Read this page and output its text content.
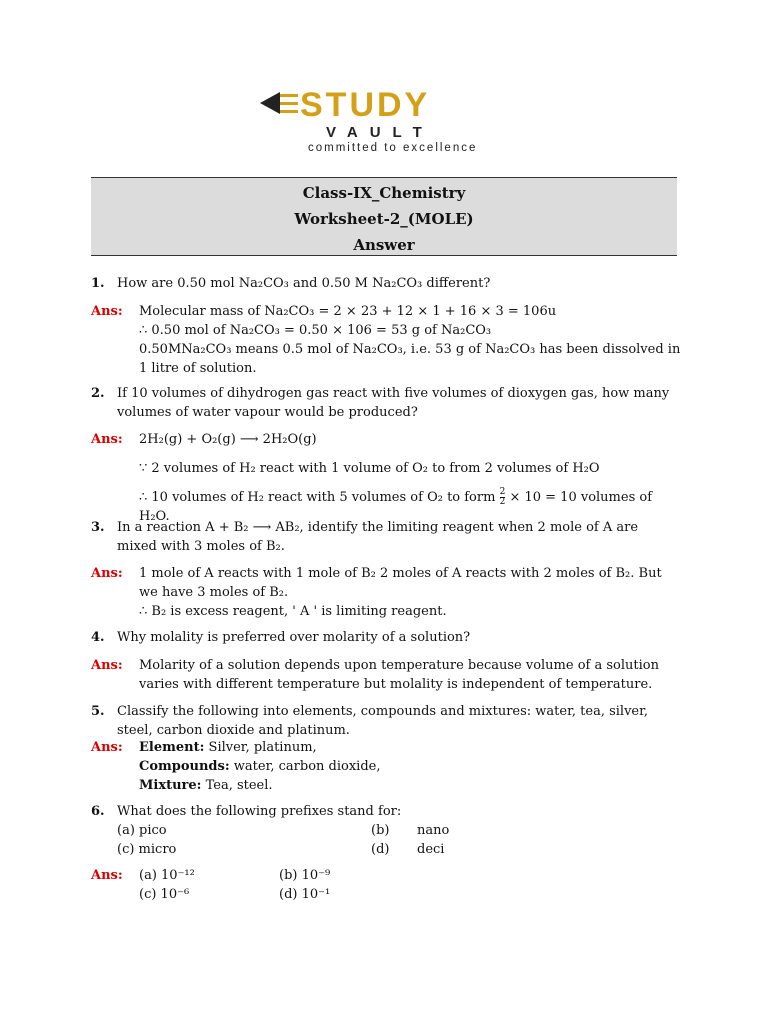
STUDY
VAULT
committed to excellence
Class-IX_Chemistry
Worksheet-2_(MOLE)
Answer
1. How are 0.50 mol Na₂CO₃ and 0.50 M Na₂CO₃ different?
Ans: Molecular mass of Na₂CO₃ = 2 × 23 + 12 × 1 + 16 × 3 = 106u
∴ 0.50 mol of Na₂CO₃ = 0.50 × 106 = 53 g of Na₂CO₃
0.50MNa₂CO₃ means 0.5 mol of Na₂CO₃, i.e. 53 g of Na₂CO₃ has been dissolved in 1 litre of solution.
2. If 10 volumes of dihydrogen gas react with five volumes of dioxygen gas, how many volumes of water vapour would be produced?
Ans: 2H₂(g) + O₂(g) ⟶ 2H₂O(g)
∵ 2 volumes of H₂ react with 1 volume of O₂ to from 2 volumes of H₂O
∴ 10 volumes of H₂ react with 5 volumes of O₂ to form $\frac{2}{2} \times 10 = 10$ volumes of H₂O.
3. In a reaction A + B₂ ⟶ AB₂, identify the limiting reagent when 2 mole of A are mixed with 3 moles of B₂.
Ans: 1 mole of A reacts with 1 mole of B₂ 2 moles of A reacts with 2 moles of B₂. But we have 3 moles of B₂.
∴ B₂ is excess reagent, ' A ' is limiting reagent.
4. Why molality is preferred over molarity of a solution?
Ans: Molarity of a solution depends upon temperature because volume of a solution varies with different temperature but molality is independent of temperature.
5. Classify the following into elements, compounds and mixtures: water, tea, silver, steel, carbon dioxide and platinum.
Ans: Element: Silver, platinum,
Compounds: water, carbon dioxide,
Mixture: Tea, steel.
6. What does the following prefixes stand for:
(a) pico	(b) nano
(c) micro	(d) deci
Ans: (a) 10⁻¹²	(b) 10⁻⁹
(c) 10⁻⁶	(d) 10⁻¹
